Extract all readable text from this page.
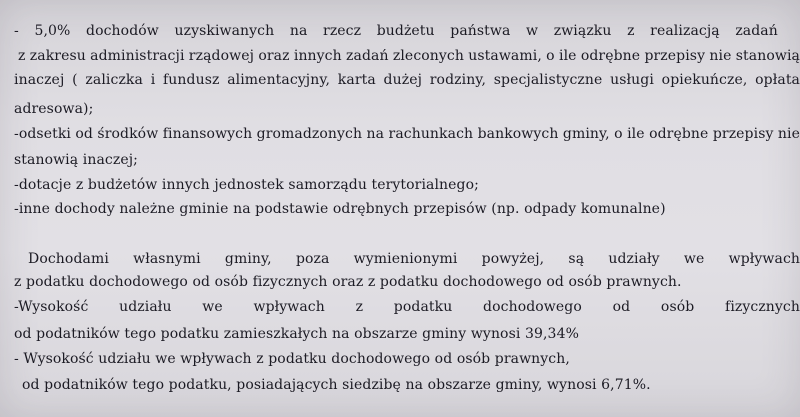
- 5,0% dochodów uzyskiwanych na rzecz budżetu państwa w związku z realizacją zadań
z zakresu administracji rządowej oraz innych zadań zleconych ustawami, o ile odrębne przepisy nie stanowią
inaczej ( zaliczka i fundusz alimentacyjny, karta dużej rodziny, specjalistyczne usługi opiekuńcze, opłata
adresowa);
-odsetki od środków finansowych gromadzonych na rachunkach bankowych gminy, o ile odrębne przepisy nie
stanowią inaczej;
-dotacje z budżetów innych jednostek samorządu terytorialnego;
-inne dochody należne gminie na podstawie odrębnych przepisów (np. odpady komunalne)
Dochodami własnymi gminy, poza wymienionymi powyżej, są udziały we wpływach
z podatku dochodowego od osób fizycznych oraz z podatku dochodowego od osób prawnych.
-Wysokość udziału we wpływach z podatku dochodowego od osób fizycznych
od podatników tego podatku zamieszkałych na obszarze gminy wynosi 39,34%
- Wysokość udziału we wpływach z podatku dochodowego od osób prawnych,
od podatników tego podatku, posiadających siedzibę na obszarze gminy, wynosi 6,71%.
